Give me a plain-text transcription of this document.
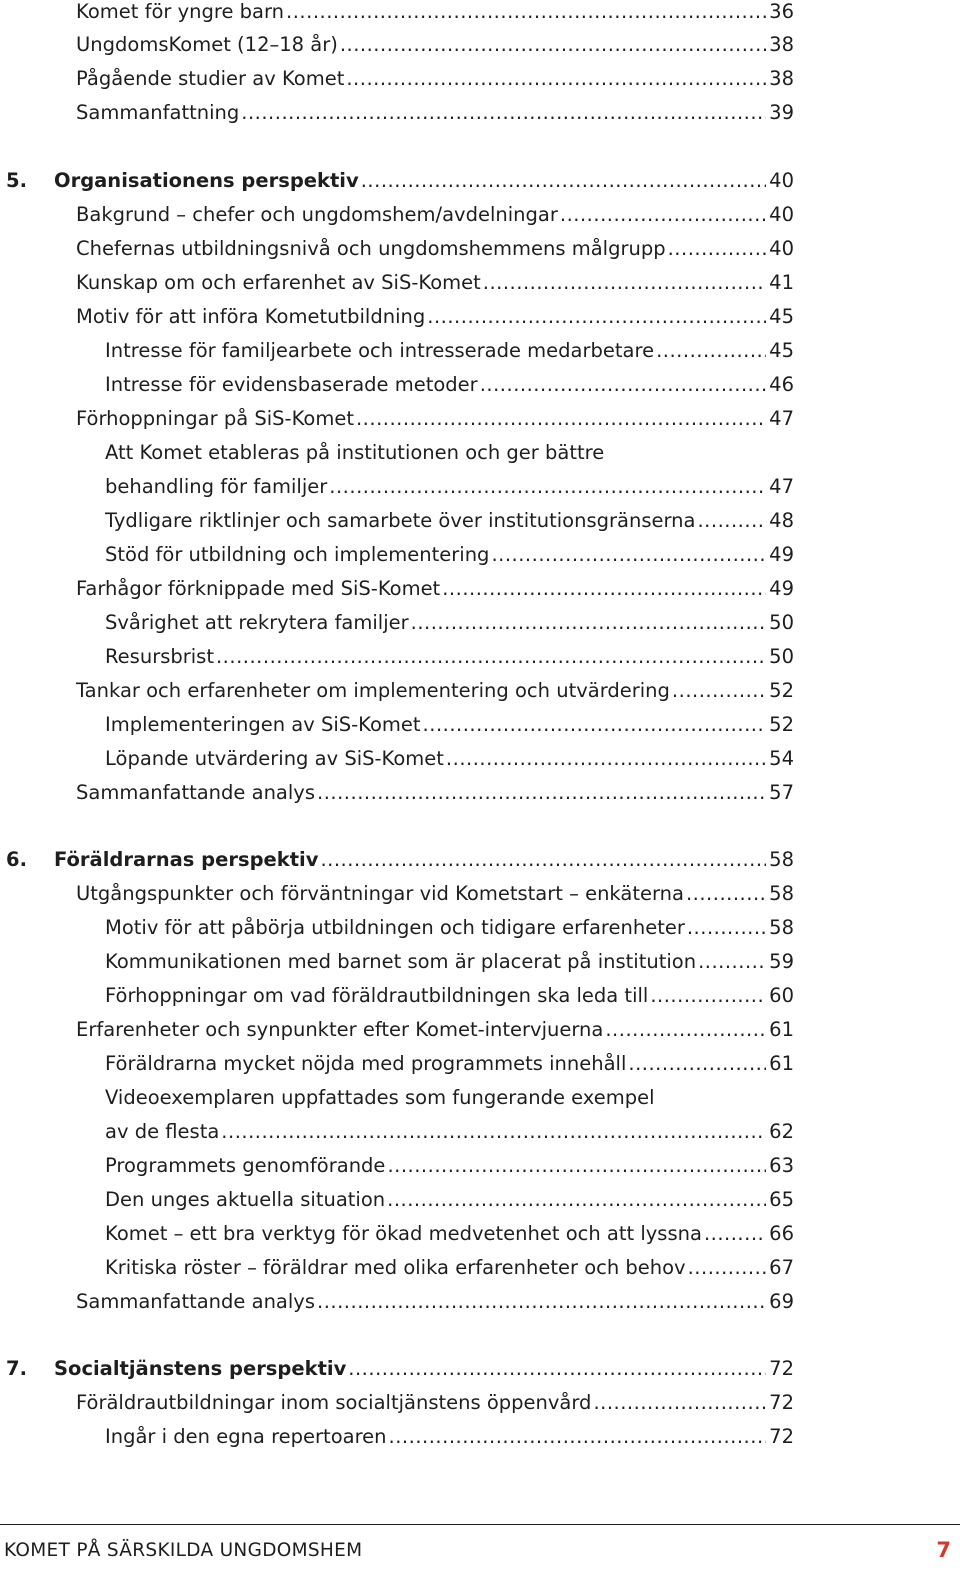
Komet för yngre barn .....	36
UngdomsKomet (12–18 år) .....	38
Pågående studier av Komet .....	38
Sammanfattning .....	39
5.	Organisationens perspektiv .....	40
Bakgrund – chefer och ungdomshem/avdelningar .....	40
Chefernas utbildningsnivå och ungdomshemmens målgrupp .....	40
Kunskap om och erfarenhet av SiS-Komet .....	41
Motiv för att införa Kometutbildning .....	45
Intresse för familjearbete och intresserade medarbetare .....	45
Intresse för evidensbaserade metoder .....	46
Förhoppningar på SiS-Komet .....	47
Att Komet etableras på institutionen och ger bättre
behandling för familjer .....	47
Tydligare riktlinjer och samarbete över institutionsgränserna .....	48
Stöd för utbildning och implementering .....	49
Farhågor förknippade med SiS-Komet .....	49
Svårighet att rekrytera familjer .....	50
Resursbrist .....	50
Tankar och erfarenheter om implementering och utvärdering .....	52
Implementeringen av SiS-Komet .....	52
Löpande utvärdering av SiS-Komet .....	54
Sammanfattande analys .....	57
6.	Föräldrarnas perspektiv .....	58
Utgångspunkter och förväntningar vid Kometstart – enkäterna .....	58
Motiv för att påbörja utbildningen och tidigare erfarenheter .....	58
Kommunikationen med barnet som är placerat på institution .....	59
Förhoppningar om vad föräldrautbildningen ska leda till .....	60
Erfarenheter och synpunkter efter Komet-intervjuerna .....	61
Föräldrarna mycket nöjda med programmets innehåll .....	61
Videoexemplaren uppfattades som fungerande exempel
av de flesta .....	62
Programmets genomförande .....	63
Den unges aktuella situation .....	65
Komet – ett bra verktyg för ökad medvetenhet och att lyssna .....	66
Kritiska röster – föräldrar med olika erfarenheter och behov .....	67
Sammanfattande analys .....	69
7.	Socialtjänstens perspektiv .....	72
Föräldrautbildningar inom socialtjänstens öppenvård .....	72
Ingår i den egna repertoaren .....	72
KOMET PÅ SÄRSKILDA UNGDOMSHEM	7
